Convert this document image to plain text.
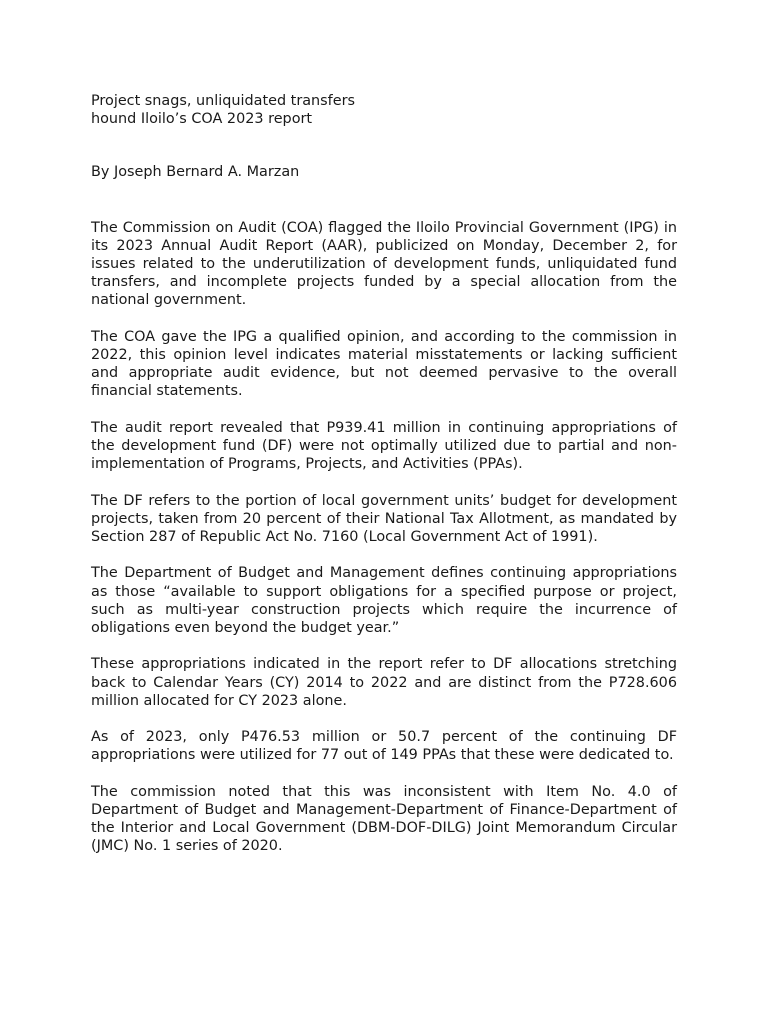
Project snags, unliquidated transfers

hound Iloilo’s COA 2023 report

By Joseph Bernard A. Marzan

The Commission on Audit (COA) flagged the Iloilo Provincial Government (IPG) in its 2023 Annual Audit Report (AAR), publicized on Monday, December 2, for issues related to the underutilization of development funds, unliquidated fund transfers, and incomplete projects funded by a special allocation from the national government.

The COA gave the IPG a qualified opinion, and according to the commission in 2022, this opinion level indicates material misstatements or lacking sufficient and appropriate audit evidence, but not deemed pervasive to the overall financial statements.

The audit report revealed that P939.41 million in continuing appropriations of the development fund (DF) were not optimally utilized due to partial and non-implementation of Programs, Projects, and Activities (PPAs).

The DF refers to the portion of local government units’ budget for development projects, taken from 20 percent of their National Tax Allotment, as mandated by Section 287 of Republic Act No. 7160 (Local Government Act of 1991).

The Department of Budget and Management defines continuing appropriations as those “available to support obligations for a specified purpose or project, such as multi-year construction projects which require the incurrence of obligations even beyond the budget year.”

These appropriations indicated in the report refer to DF allocations stretching back to Calendar Years (CY) 2014 to 2022 and are distinct from the P728.606 million allocated for CY 2023 alone.

As of 2023, only P476.53 million or 50.7 percent of the continuing DF appropriations were utilized for 77 out of 149 PPAs that these were dedicated to.

The commission noted that this was inconsistent with Item No. 4.0 of Department of Budget and Management-Department of Finance-Department of the Interior and Local Government (DBM-DOF-DILG) Joint Memorandum Circular (JMC) No. 1 series of 2020.
